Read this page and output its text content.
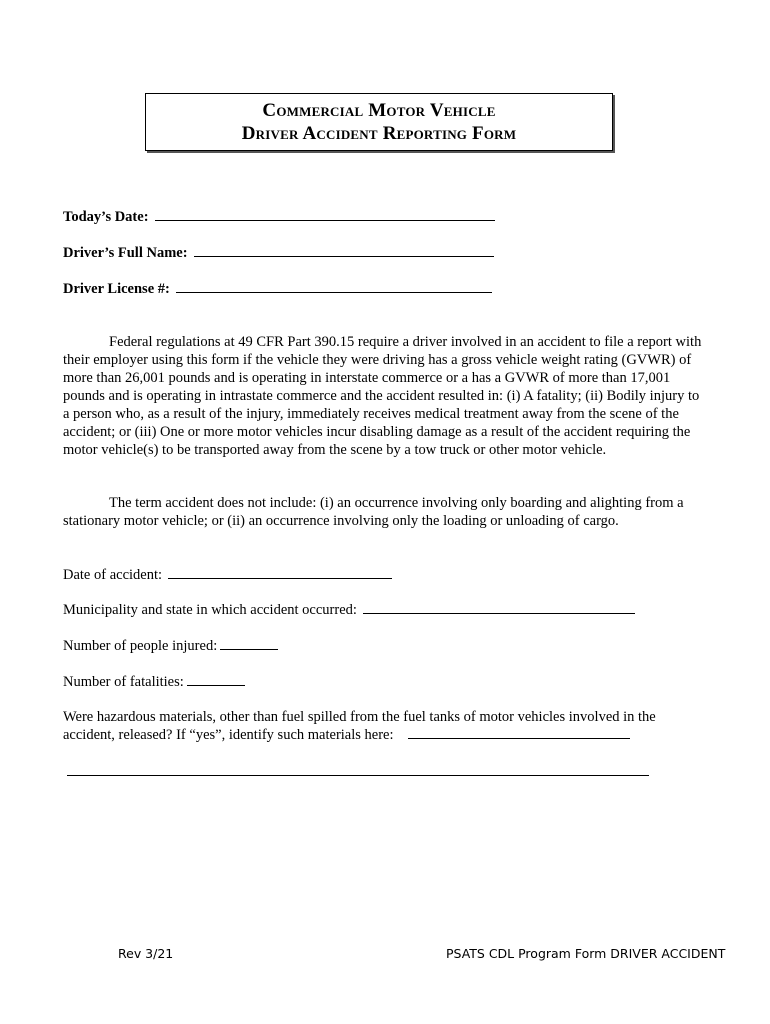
Commercial Motor Vehicle
Driver Accident Reporting Form
Today’s Date:
Driver’s Full Name:
Driver License #:
Federal regulations at 49 CFR Part 390.15 require a driver involved in an accident to file a report with their employer using this form if the vehicle they were driving has a gross vehicle weight rating (GVWR) of more than 26,001 pounds and is operating in interstate commerce or a has a GVWR of more than 17,001 pounds and is operating in intrastate commerce and the accident resulted in: (i) A fatality; (ii) Bodily injury to a person who, as a result of the injury, immediately receives medical treatment away from the scene of the accident; or (iii) One or more motor vehicles incur disabling damage as a result of the accident requiring the motor vehicle(s) to be transported away from the scene by a tow truck or other motor vehicle.
The term accident does not include: (i) an occurrence involving only boarding and alighting from a stationary motor vehicle; or (ii) an occurrence involving only the loading or unloading of cargo.
Date of accident:
Municipality and state in which accident occurred:
Number of people injured:
Number of fatalities:
Were hazardous materials, other than fuel spilled from the fuel tanks of motor vehicles involved in the accident, released? If “yes”, identify such materials here:
Rev 3/21	PSATS CDL Program Form DRIVER ACCIDENT
